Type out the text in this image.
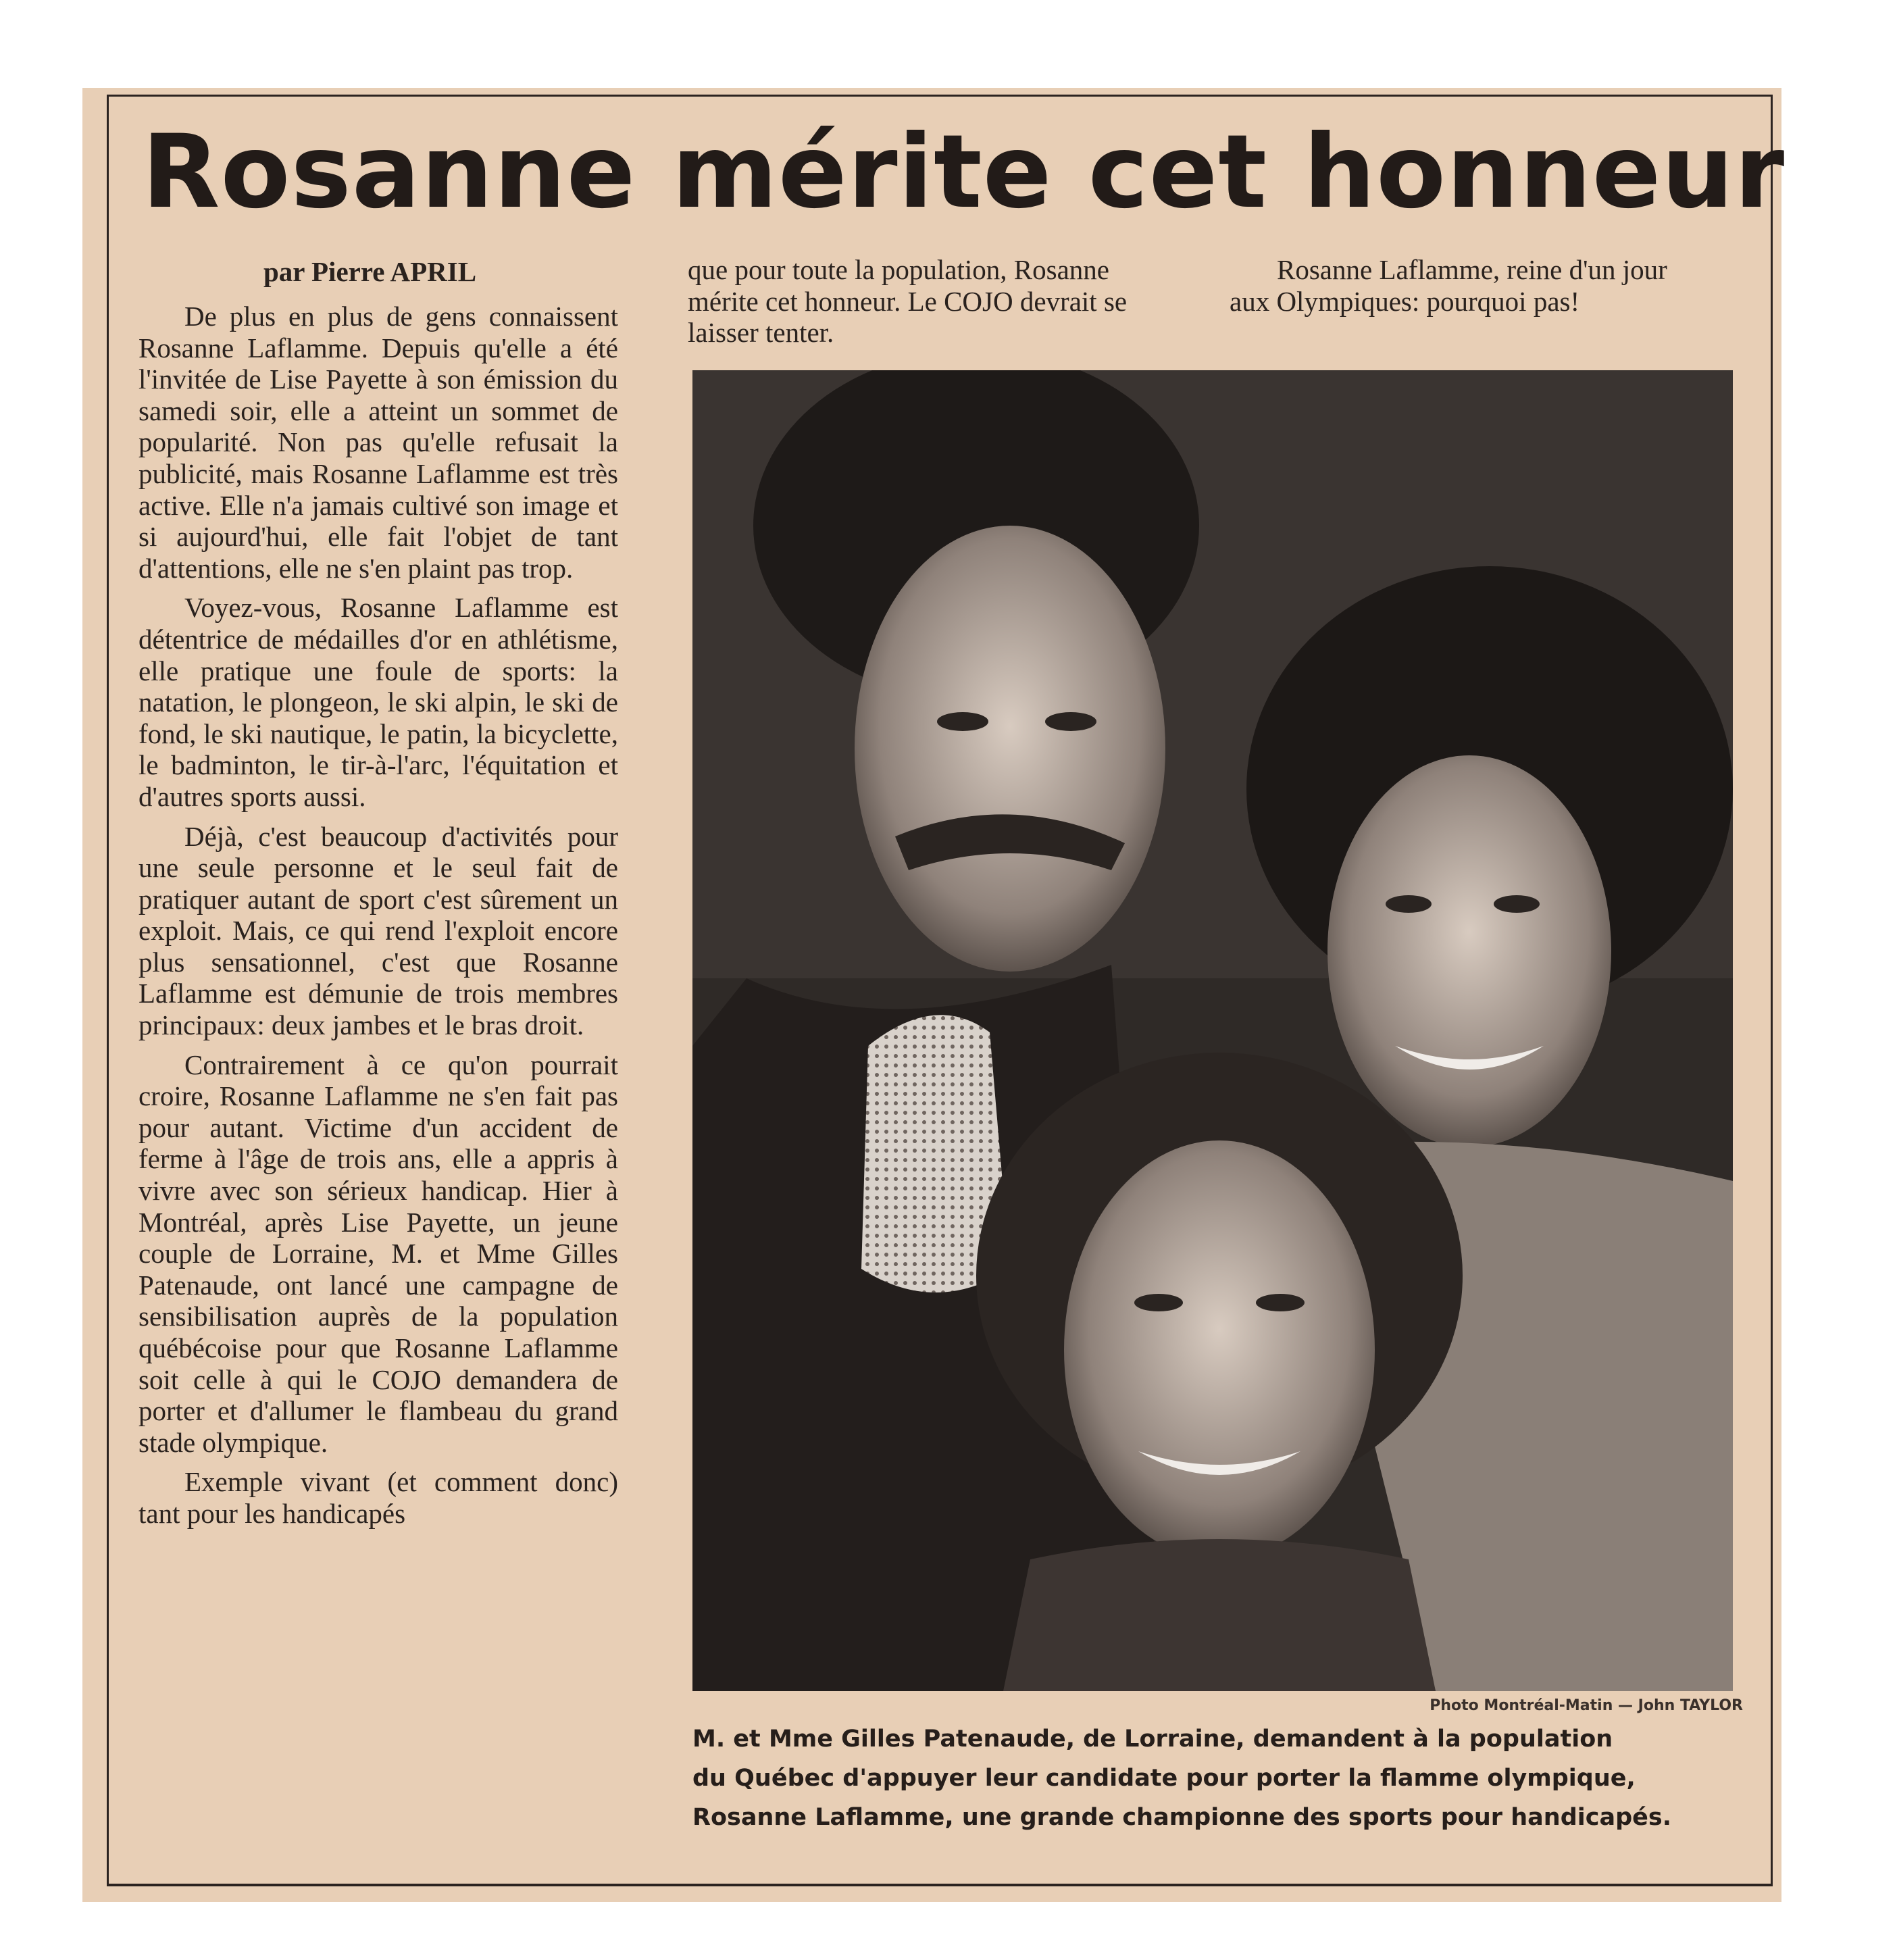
Rosanne mérite cet honneur
par Pierre APRIL

De plus en plus de gens connaissent Rosanne Laflamme. Depuis qu'elle a été l'invitée de Lise Payette à son émission du samedi soir, elle a atteint un sommet de popularité. Non pas qu'elle refusait la publicité, mais Rosanne Laflamme est très active. Elle n'a jamais cultivé son image et si aujourd'hui, elle fait l'objet de tant d'attentions, elle ne s'en plaint pas trop.

Voyez-vous, Rosanne Laflamme est détentrice de médailles d'or en athlétisme, elle pratique une foule de sports: la natation, le plongeon, le ski alpin, le ski de fond, le ski nautique, le patin, la bicyclette, le badminton, le tir-à-l'arc, l'équitation et d'autres sports aussi.

Déjà, c'est beaucoup d'activités pour une seule personne et le seul fait de pratiquer autant de sport c'est sûrement un exploit. Mais, ce qui rend l'exploit encore plus sensationnel, c'est que Rosanne Laflamme est démunie de trois membres principaux: deux jambes et le bras droit.

Contrairement à ce qu'on pourrait croire, Rosanne Laflamme ne s'en fait pas pour autant. Victime d'un accident de ferme à l'âge de trois ans, elle a appris à vivre avec son sérieux handicap. Hier à Montréal, après Lise Payette, un jeune couple de Lorraine, M. et Mme Gilles Patenaude, ont lancé une campagne de sensibilisation auprès de la population québécoise pour que Rosanne Laflamme soit celle à qui le COJO demandera de porter et d'allumer le flambeau du grand stade olympique.

Exemple vivant (et comment donc) tant pour les handicapés

que pour toute la population, Rosanne mérite cet honneur. Le COJO devrait se laisser tenter.
Rosanne Laflamme, reine d'un jour aux Olympiques: pourquoi pas!
Photo Montréal-Matin — John TAYLOR
M. et Mme Gilles Patenaude, de Lorraine, demandent à la population
du Québec d'appuyer leur candidate pour porter la flamme olympique,
Rosanne Laflamme, une grande championne des sports pour handicapés.
